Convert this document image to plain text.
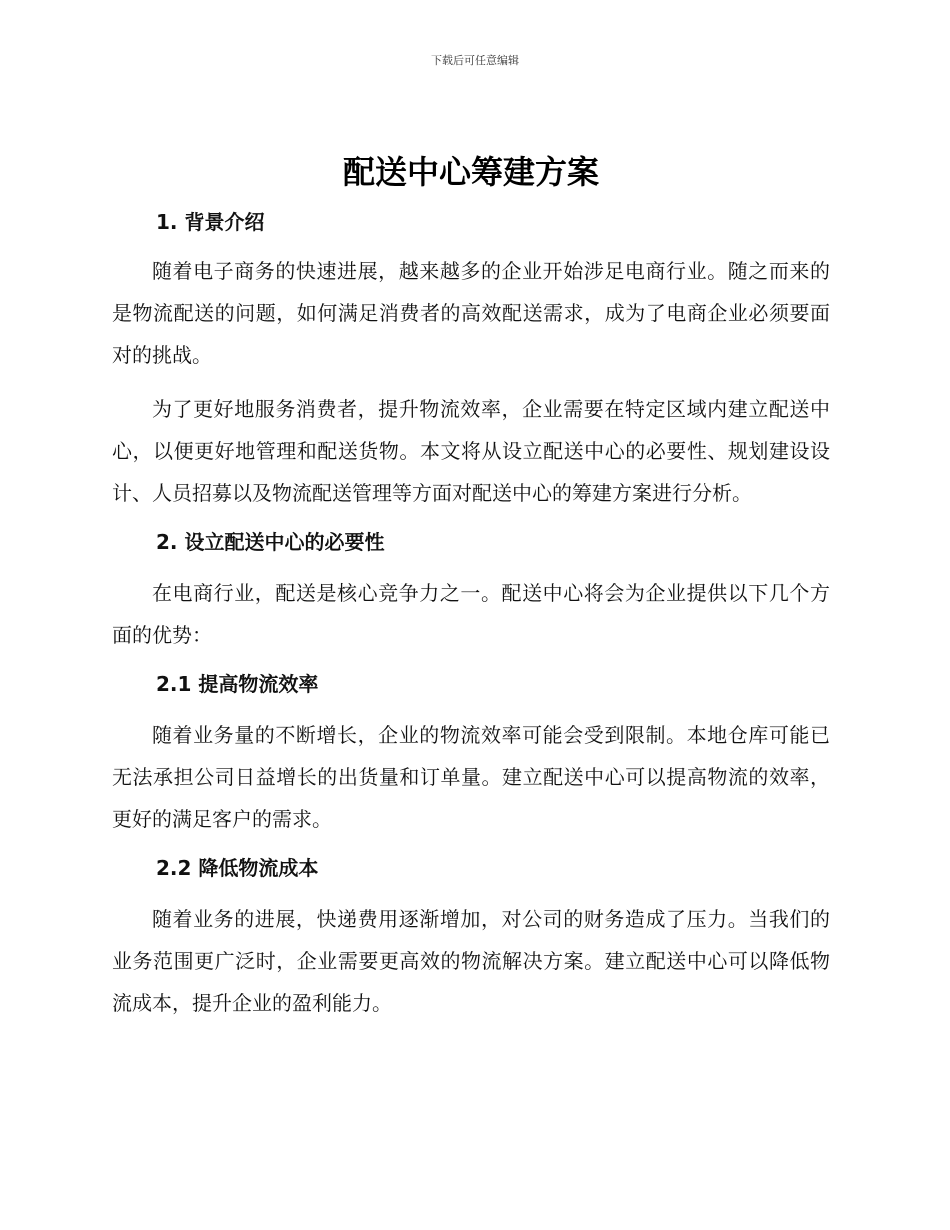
下载后可任意编辑
配送中心筹建方案
1. 背景介绍

随着电子商务的快速进展，越来越多的企业开始涉足电商行业。随之而来的是物流配送的问题，如何满足消费者的高效配送需求，成为了电商企业必须要面对的挑战。

为了更好地服务消费者，提升物流效率，企业需要在特定区域内建立配送中心，以便更好地管理和配送货物。本文将从设立配送中心的必要性、规划建设设计、人员招募以及物流配送管理等方面对配送中心的筹建方案进行分析。

2. 设立配送中心的必要性

在电商行业，配送是核心竞争力之一。配送中心将会为企业提供以下几个方面的优势：

2.1 提高物流效率

随着业务量的不断增长，企业的物流效率可能会受到限制。本地仓库可能已无法承担公司日益增长的出货量和订单量。建立配送中心可以提高物流的效率，更好的满足客户的需求。

2.2 降低物流成本

随着业务的进展，快递费用逐渐增加，对公司的财务造成了压力。当我们的业务范围更广泛时，企业需要更高效的物流解决方案。建立配送中心可以降低物流成本，提升企业的盈利能力。
